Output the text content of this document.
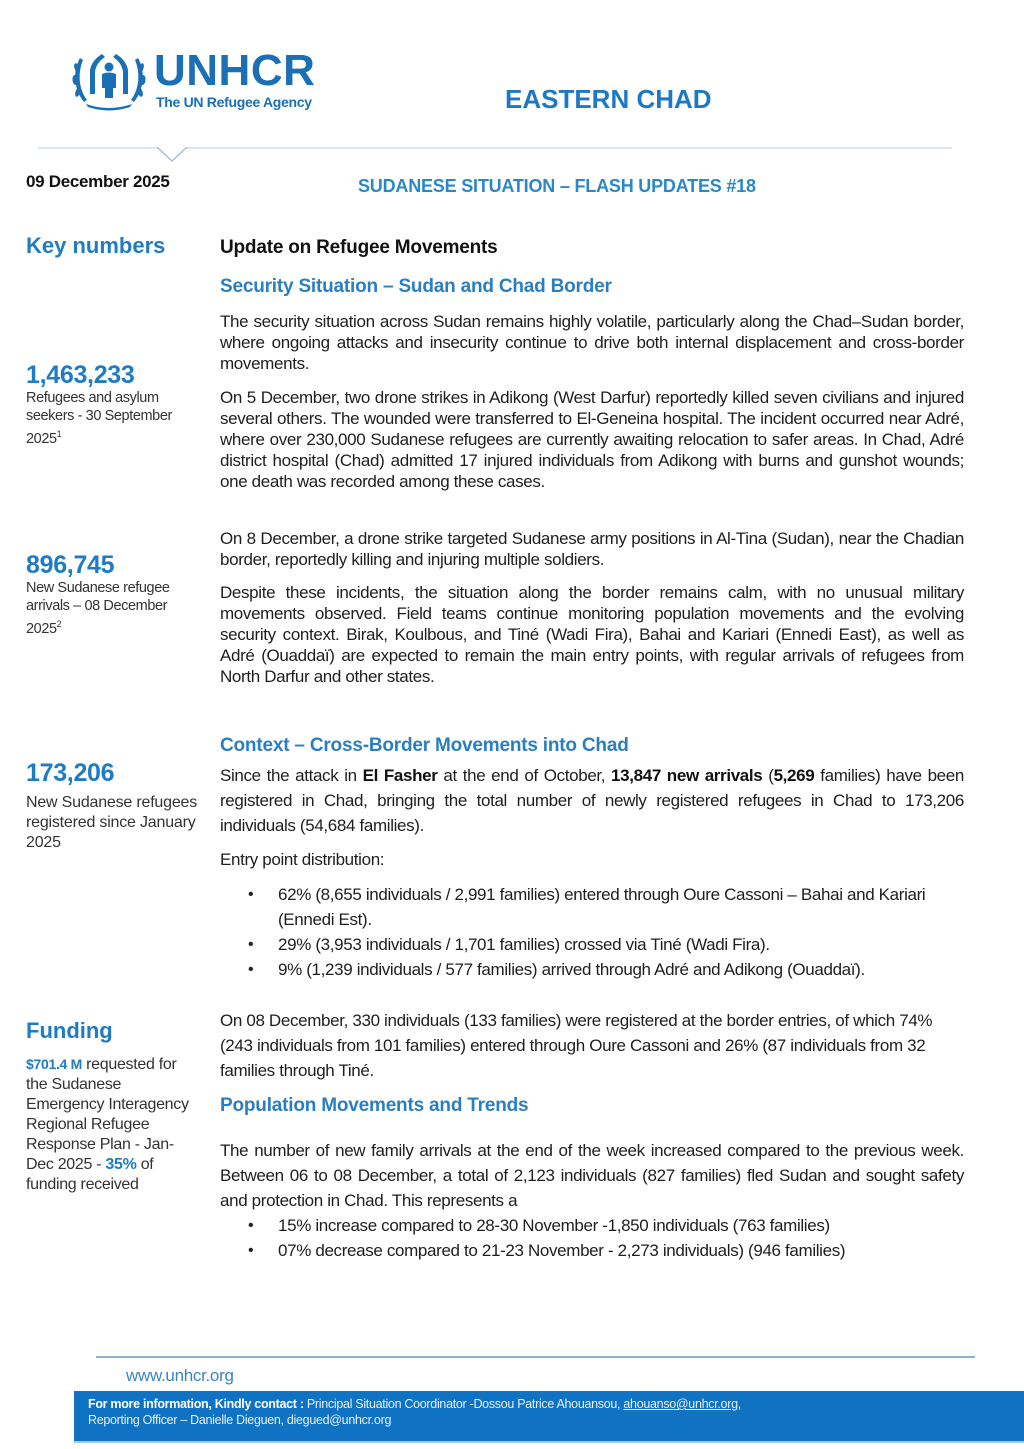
UNHCR
The UN Refugee Agency	EASTERN CHAD
09 December 2025	SUDANESE SITUATION – FLASH UPDATES #18
Key numbers
1,463,233
Refugees and asylum seekers - 30 September 2025$^1$
896,745
New Sudanese refugee arrivals – 08 December 2025$^2$
173,206
New Sudanese refugees registered since January 2025
Funding
$701.4 M requested for the Sudanese Emergency Interagency Regional Refugee Response Plan - Jan- Dec 2025 - 35% of funding received
Update on Refugee Movements
Security Situation – Sudan and Chad Border

The security situation across Sudan remains highly volatile, particularly along the Chad–Sudan border, where ongoing attacks and insecurity continue to drive both internal displacement and cross-border movements.

On 5 December, two drone strikes in Adikong (West Darfur) reportedly killed seven civilians and injured several others. The wounded were transferred to El-Geneina hospital. The incident occurred near Adré, where over 230,000 Sudanese refugees are currently awaiting relocation to safer areas. In Chad, Adré district hospital (Chad) admitted 17 injured individuals from Adikong with burns and gunshot wounds; one death was recorded among these cases.

On 8 December, a drone strike targeted Sudanese army positions in Al-Tina (Sudan), near the Chadian border, reportedly killing and injuring multiple soldiers.

Despite these incidents, the situation along the border remains calm, with no unusual military movements observed. Field teams continue monitoring population movements and the evolving security context. Birak, Koulbous, and Tiné (Wadi Fira), Bahai and Kariari (Ennedi East), as well as Adré (Ouaddaï) are expected to remain the main entry points, with regular arrivals of refugees from North Darfur and other states.

Context – Cross-Border Movements into Chad

Since the attack in El Fasher at the end of October, 13,847 new arrivals (5,269 families) have been registered in Chad, bringing the total number of newly registered refugees in Chad to 173,206 individuals (54,684 families).

Entry point distribution:

• 62% (8,655 individuals / 2,991 families) entered through Oure Cassoni – Bahai and Kariari (Ennedi Est).
• 29% (3,953 individuals / 1,701 families) crossed via Tiné (Wadi Fira).
• 9% (1,239 individuals / 577 families) arrived through Adré and Adikong (Ouaddaï).

On 08 December, 330 individuals (133 families) were registered at the border entries, of which 74% (243 individuals from 101 families) entered through Oure Cassoni and 26% (87 individuals from 32 families through Tiné.

Population Movements and Trends

The number of new family arrivals at the end of the week increased compared to the previous week. Between 06 to 08 December, a total of 2,123 individuals (827 families) fled Sudan and sought safety and protection in Chad. This represents a

• 15% increase compared to 28-30 November -1,850 individuals (763 families)
• 07% decrease compared to 21-23 November - 2,273 individuals) (946 families)
www.unhcr.org
For more information, Kindly contact : Principal Situation Coordinator -Dossou Patrice Ahouansou, ahouanso@unhcr.org,
Reporting Officer – Danielle Dieguen, diegued@unhcr.org
